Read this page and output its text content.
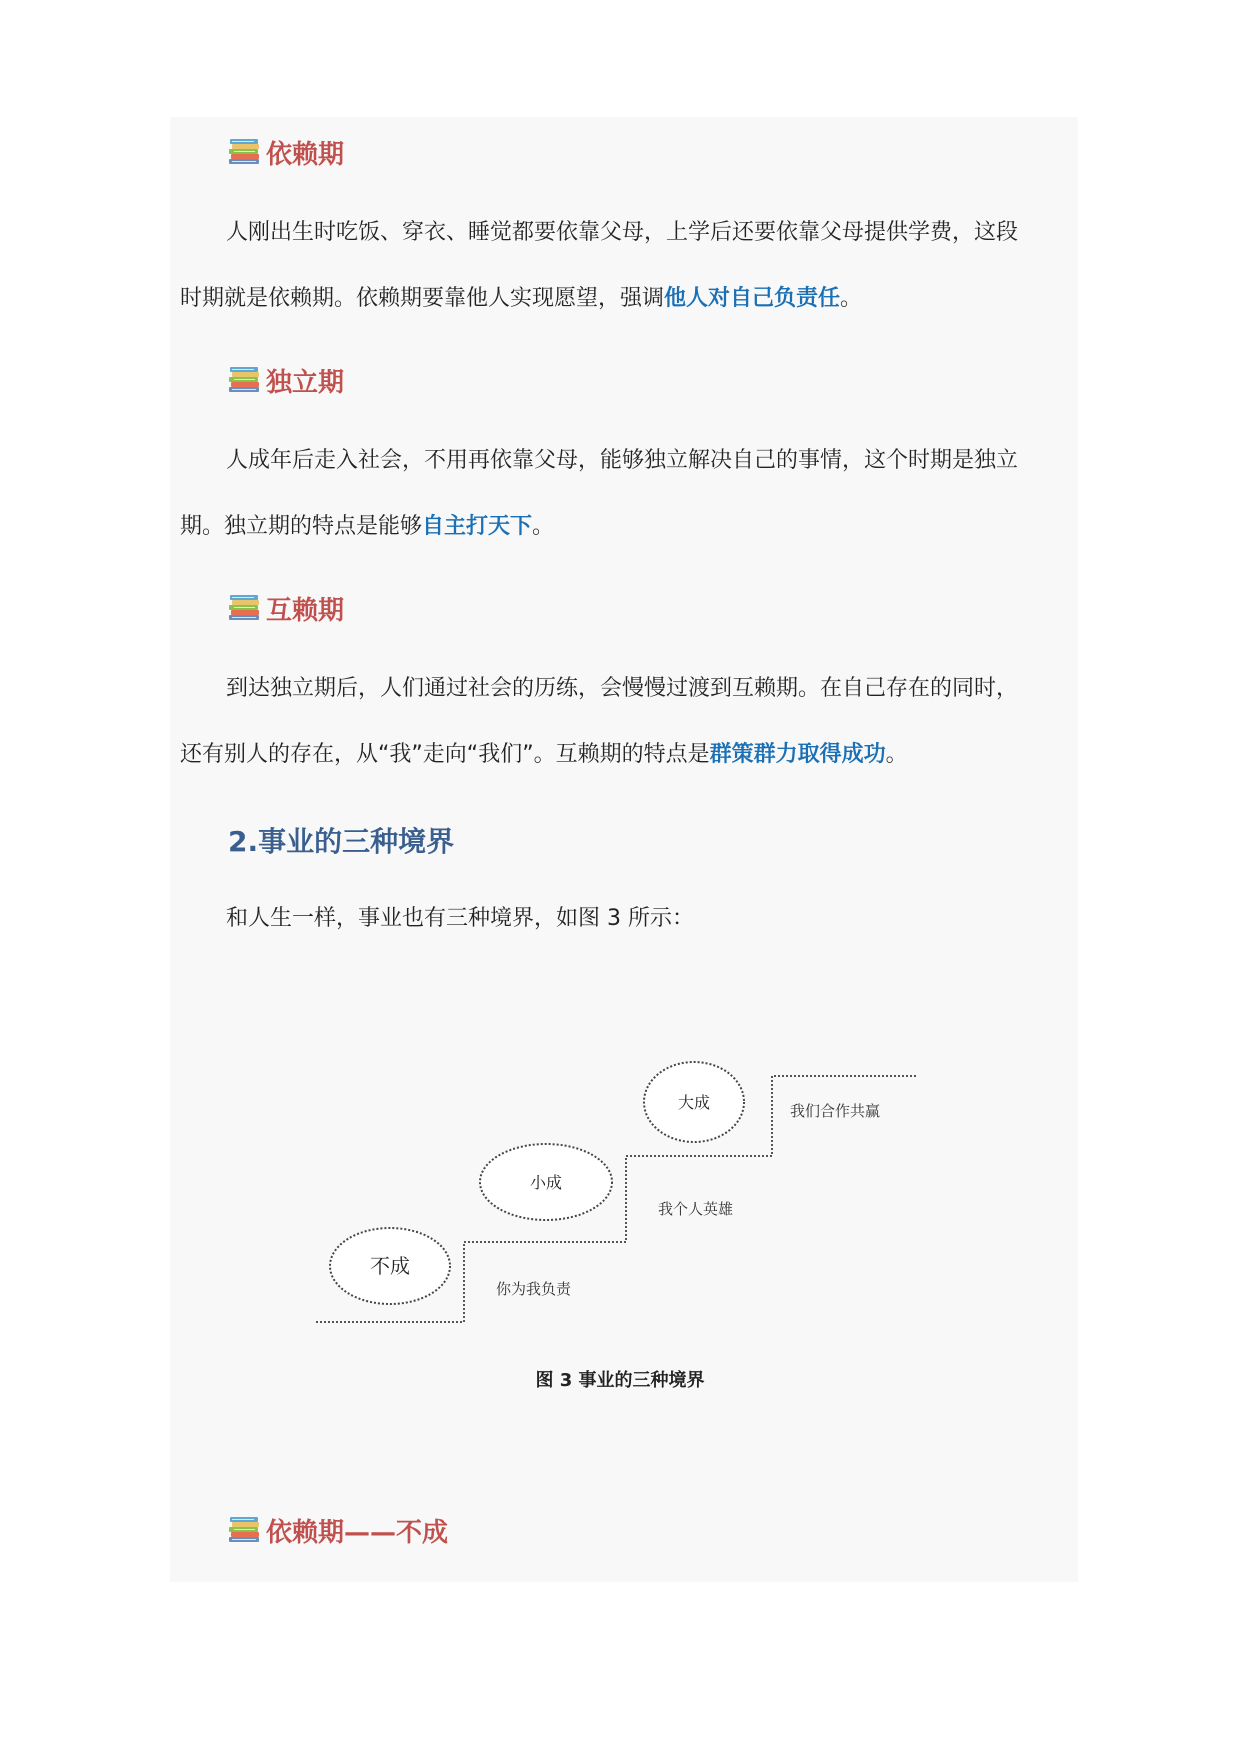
依赖期
人刚出生时吃饭、穿衣、睡觉都要依靠父母，上学后还要依靠父母提供学费，这段
时期就是依赖期。依赖期要靠他人实现愿望，强调他人对自己负责任。
独立期
人成年后走入社会，不用再依靠父母，能够独立解决自己的事情，这个时期是独立
期。独立期的特点是能够自主打天下。
互赖期
到达独立期后，人们通过社会的历练，会慢慢过渡到互赖期。在自己存在的同时，
还有别人的存在，从“我”走向“我们”。互赖期的特点是群策群力取得成功。
2.事业的三种境界
和人生一样，事业也有三种境界，如图 3 所示：
不成
小成
大成
你为我负责
我个人英雄
我们合作共赢
图 3 事业的三种境界
依赖期——不成
